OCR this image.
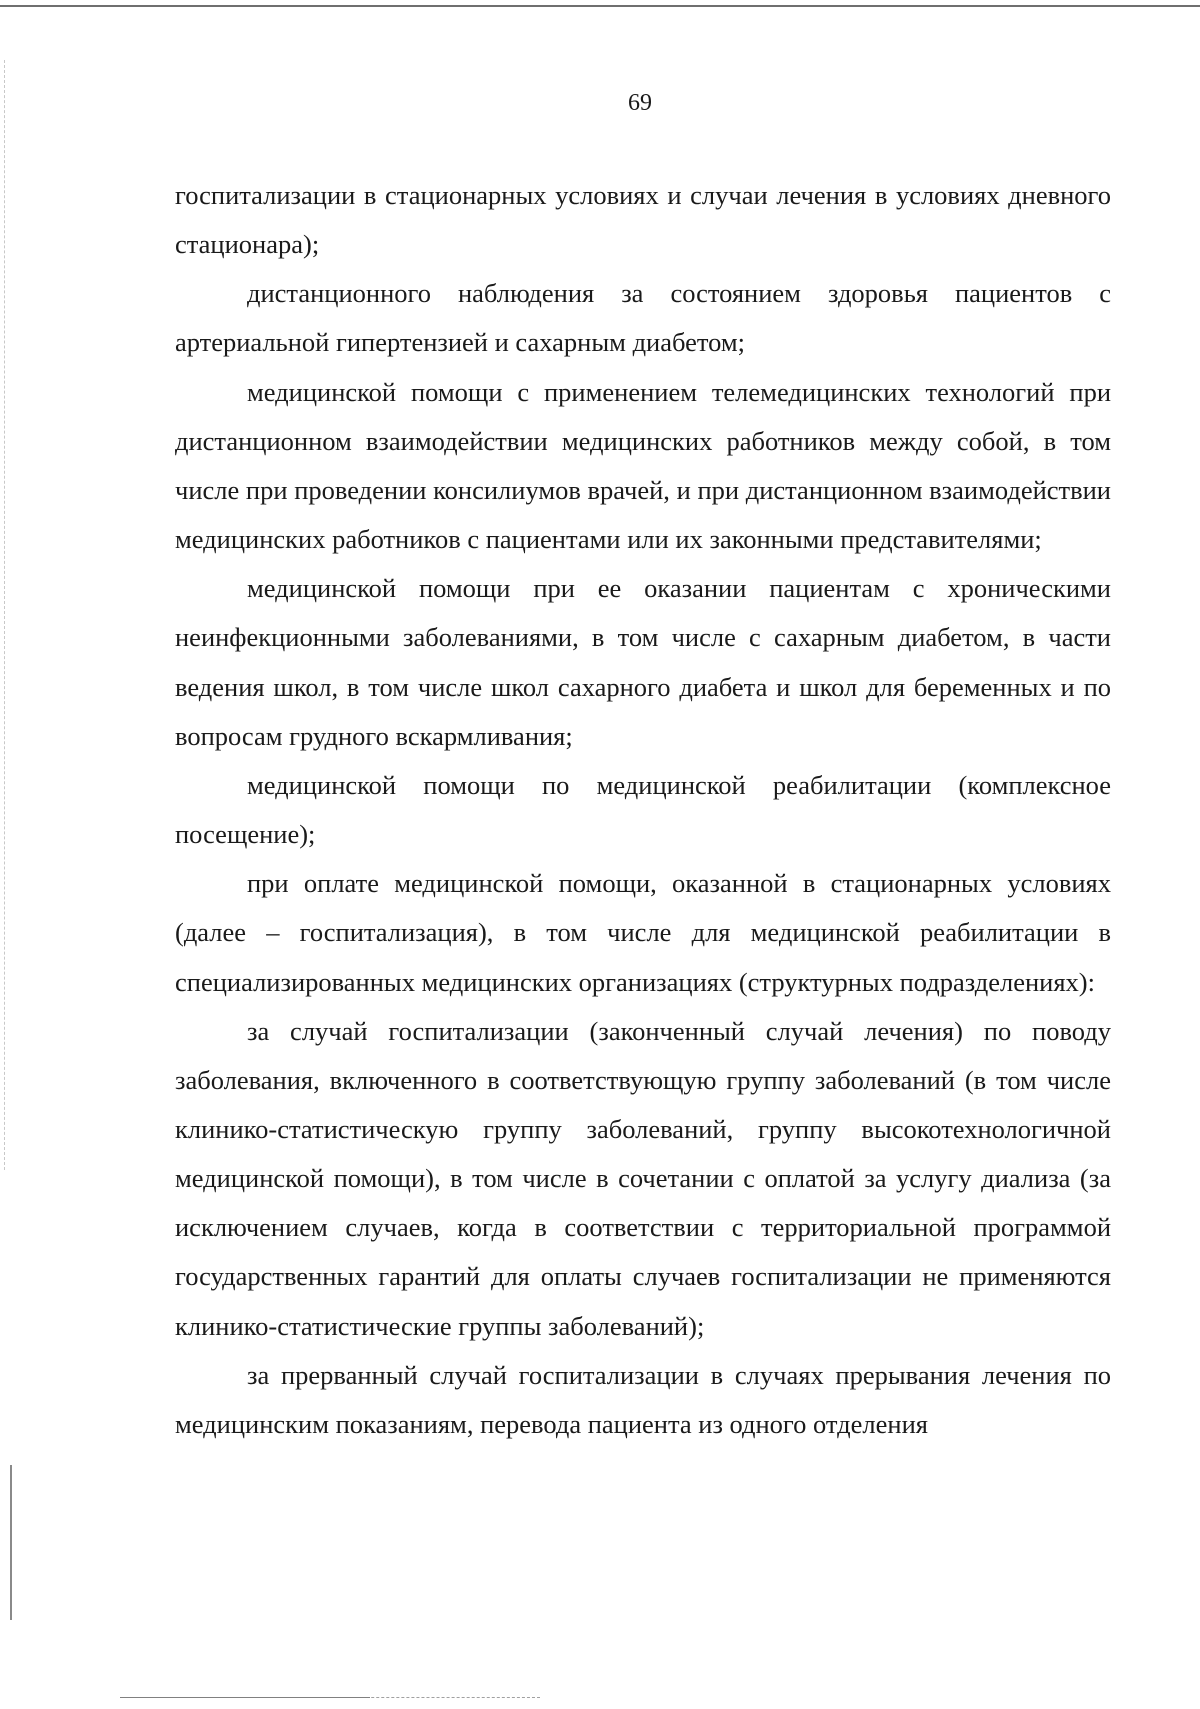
69

госпитализации в стационарных условиях и случаи лечения в условиях дневного стационара);

дистанционного наблюдения за состоянием здоровья пациентов с артериальной гипертензией и сахарным диабетом;

медицинской помощи с применением телемедицинских технологий при дистанционном взаимодействии медицинских работников между собой, в том числе при проведении консилиумов врачей, и при дистанционном взаимодействии медицинских работников с пациентами или их законными представителями;

медицинской помощи при ее оказании пациентам с хроническими неинфекционными заболеваниями, в том числе с сахарным диабетом, в части ведения школ, в том числе школ сахарного диабета и школ для беременных и по вопросам грудного вскармливания;

медицинской помощи по медицинской реабилитации (комплексное посещение);

при оплате медицинской помощи, оказанной в стационарных условиях (далее – госпитализация), в том числе для медицинской реабилитации в специализированных медицинских организациях (структурных подразделениях):

за случай госпитализации (законченный случай лечения) по поводу заболевания, включенного в соответствующую группу заболеваний (в том числе клинико-статистическую группу заболеваний, группу высокотехнологичной медицинской помощи), в том числе в сочетании с оплатой за услугу диализа (за исключением случаев, когда в соответствии с территориальной программой государственных гарантий для оплаты случаев госпитализации не применяются клинико-статистические группы заболеваний);

за прерванный случай госпитализации в случаях прерывания лечения по медицинским показаниям, перевода пациента из одного отделения
